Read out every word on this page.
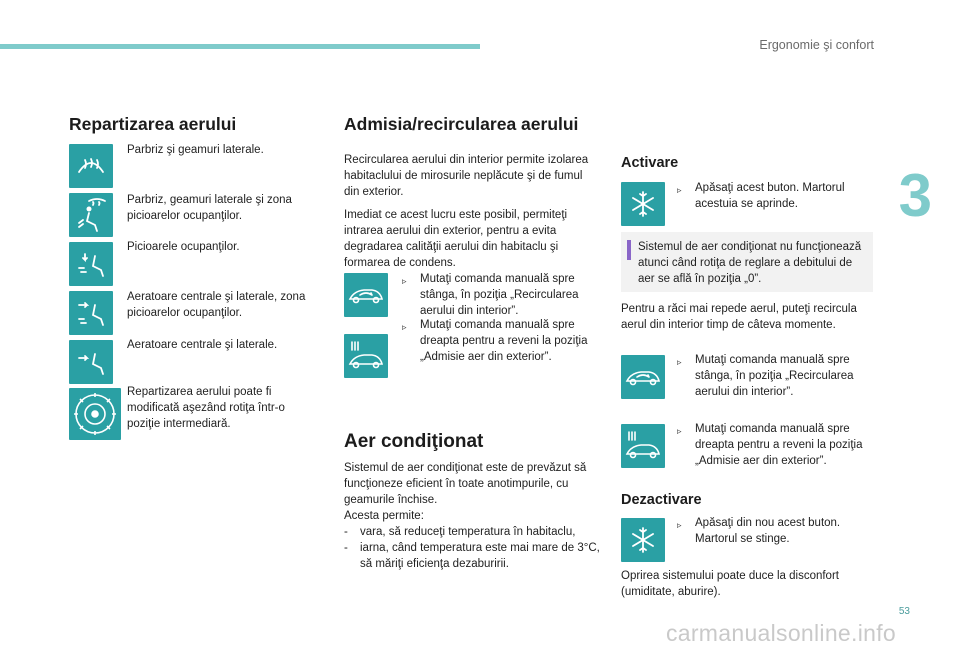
Ergonomie şi confort
3
Repartizarea aerului
Parbriz şi geamuri laterale.
Parbriz, geamuri laterale şi zona picioarelor ocupanţilor.
Picioarele ocupanţilor.
Aeratoare centrale şi laterale, zona picioarelor ocupanţilor.
Aeratoare centrale şi laterale.
Repartizarea aerului poate fi modificată aşezând rotiţa într-o poziţie intermediară.
Admisia/recircularea aerului
Recircularea aerului din interior permite izolarea habitaclului de mirosurile neplăcute şi de fumul din exterior.
Imediat ce acest lucru este posibil, permiteţi intrarea aerului din exterior, pentru a evita degradarea calităţii aerului din habitaclu şi formarea de condens.
▹ Mutaţi comanda manuală spre stânga, în poziţia „Recircularea aerului din interior”.
▹ Mutaţi comanda manuală spre dreapta pentru a reveni la poziţia „Admisie aer din exterior”.
Aer condiţionat
Sistemul de aer condiţionat este de prevăzut să funcţioneze eficient în toate anotimpurile, cu geamurile închise.
Acesta permite:
- vara, să reduceţi temperatura în habitaclu,
- iarna, când temperatura este mai mare de 3°C, să măriţi eficienţa dezaburirii.
Activare
▹ Apăsaţi acest buton. Martorul acestuia se aprinde.
Sistemul de aer condiţionat nu funcţionează atunci când rotiţa de reglare a debitului de aer se află în poziţia „0”.
Pentru a răci mai repede aerul, puteţi recircula aerul din interior timp de câteva momente.
▹ Mutaţi comanda manuală spre stânga, în poziţia „Recircularea aerului din interior”.
▹ Mutaţi comanda manuală spre dreapta pentru a reveni la poziţia „Admisie aer din exterior”.
Dezactivare
▹ Apăsaţi din nou acest buton. Martorul se stinge.
Oprirea sistemului poate duce la disconfort (umiditate, aburire).
53
carmanualsonline.info
